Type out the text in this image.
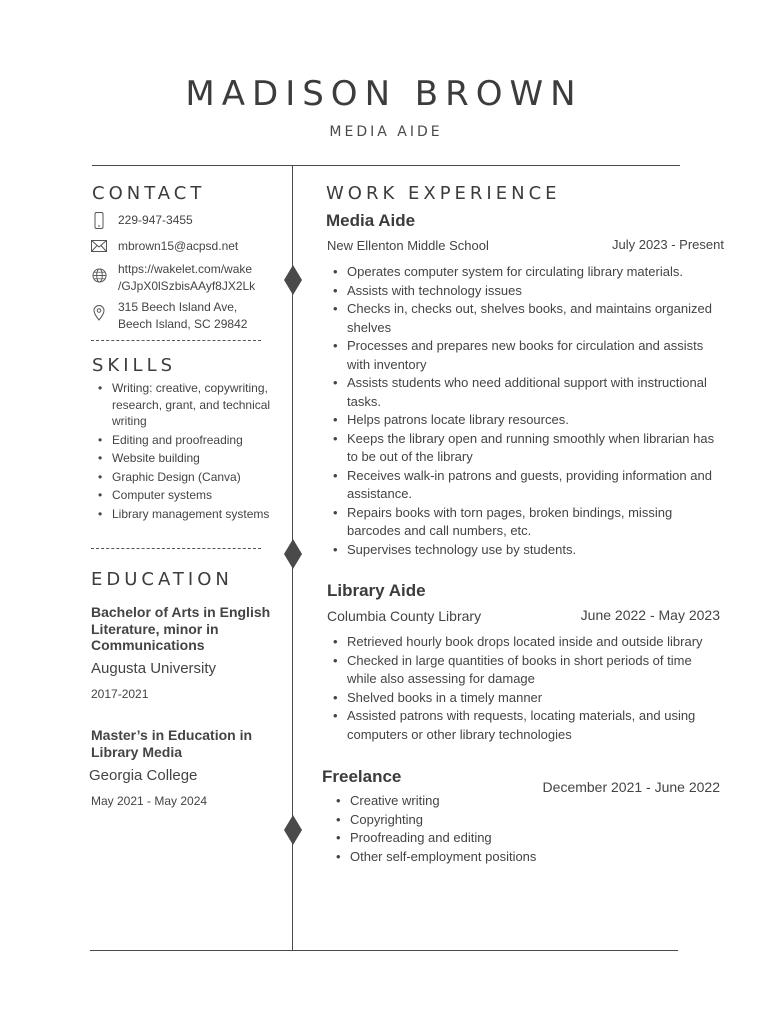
MADISON BROWN
MEDIA AIDE
CONTACT
229-947-3455
mbrown15@acpsd.net
https://wakelet.com/wake
/GJpX0lSzbisAAyf8JX2Lk
315 Beech Island Ave,
Beech Island, SC 29842
SKILLS
• Writing: creative, copywriting, research, grant, and technical writing
• Editing and proofreading
• Website building
• Graphic Design (Canva)
• Computer systems
• Library management systems
EDUCATION
Bachelor of Arts in English Literature, minor in Communications
Augusta University
2017-2021
Master’s in Education in Library Media
Georgia College
May 2021 - May 2024
WORK EXPERIENCE
Media Aide
New Ellenton Middle School	July 2023 - Present
• Operates computer system for circulating library materials.
• Assists with technology issues
• Checks in, checks out, shelves books, and maintains organized shelves
• Processes and prepares new books for circulation and assists with inventory
• Assists students who need additional support with instructional tasks.
• Helps patrons locate library resources.
• Keeps the library open and running smoothly when librarian has to be out of the library
• Receives walk-in patrons and guests, providing information and assistance.
• Repairs books with torn pages, broken bindings, missing barcodes and call numbers, etc.
• Supervises technology use by students.
Library Aide
Columbia County Library	June 2022 - May 2023
• Retrieved hourly book drops located inside and outside library
• Checked in large quantities of books in short periods of time while also assessing for damage
• Shelved books in a timely manner
• Assisted patrons with requests, locating materials, and using computers or other library technologies
Freelance
December 2021 - June 2022
• Creative writing
• Copyrighting
• Proofreading and editing
• Other self-employment positions
